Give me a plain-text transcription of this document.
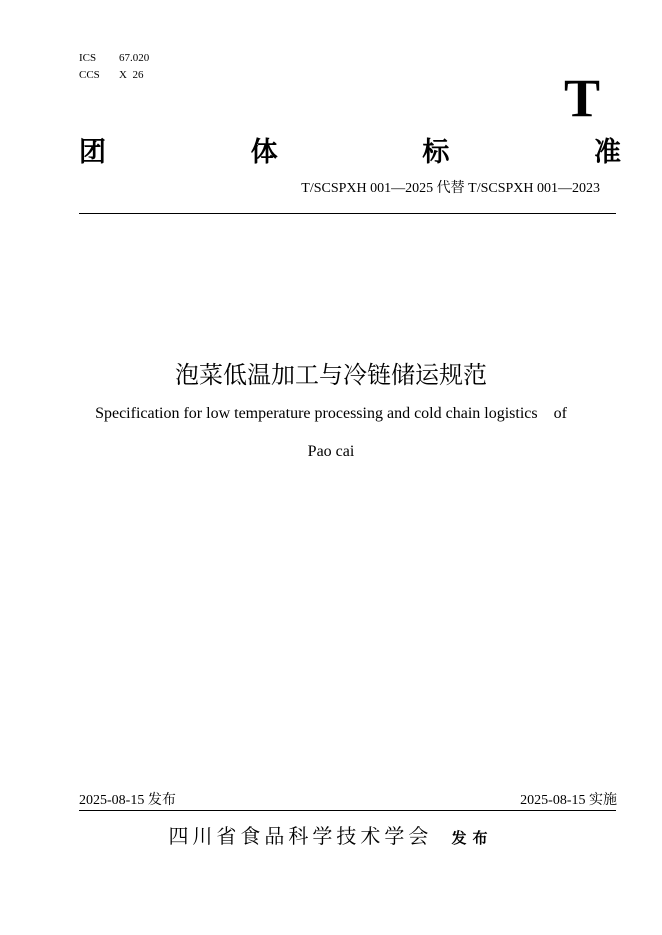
ICS	67.020
CCS	X  26	T
团	体	标	准
T/SCSPXH 001—2025 代替 T/SCSPXH 001—2023
泡菜低温加工与冷链储运规范
Specification for low temperature processing and cold chain logistics    of
Pao cai
2025-08-15 发布	2025-08-15 实施
四川省食品科学技术学会 发布
